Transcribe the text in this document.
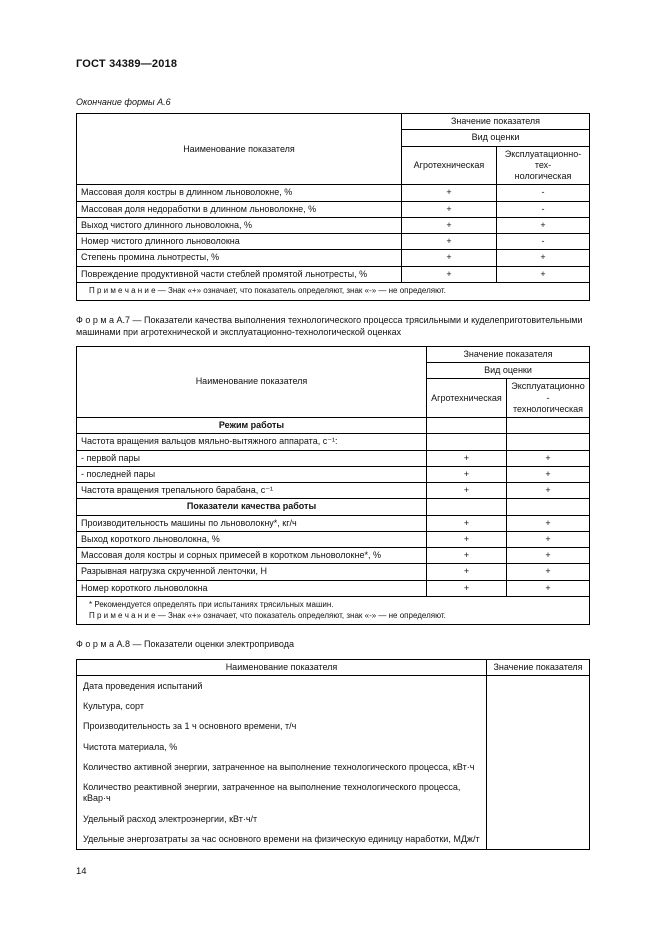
ГОСТ 34389—2018
Окончание формы А.6
Наименование показателя	Значение показателя	
	Вид оценки	
	Агротехническая	Эксплуатационно-тех-
нологическая
Массовая доля костры в длинном льноволокне, %	+	-
Массовая доля недоработки в длинном льноволокне, %	+	-
Выход чистого длинного льноволокна, %	+	+
Номер чистого длинного льноволокна	+	-
Степень промина льнотресты, %	+	+
Повреждение продуктивной части стеблей промятой льнотресты, %	+	+
П р и м е ч а н и е — Знак «+» означает, что показатель определяют, знак «-» — не определяют.		
Ф о р м а А.7 — Показатели качества выполнения технологического процесса трясильными и куделеприготовительными машинами при агротехнической и эксплуатационно-технологической оценках
Наименование показателя	Значение показателя	
	Вид оценки	
	Агротехническая	Эксплуатационно-
технологическая
Режим работы		
Частота вращения вальцов мяльно-вытяжного аппарата, с⁻¹:		
- первой пары	+	+
- последней пары	+	+
Частота вращения трепального барабана, с⁻¹	+	+
Показатели качества работы		
Производительность машины по льноволокну*, кг/ч	+	+
Выход короткого льноволокна, %	+	+
Массовая доля костры и сорных примесей в коротком льноволокне*, %	+	+
Разрывная нагрузка скрученной ленточки, Н	+	+
Номер короткого льноволокна	+	+

* Рекомендуется определять при испытаниях трясильных машин.
П р и м е ч а н и е — Знак «+» означает, что показатель определяют, знак «-» — не определяют.		
Ф о р м а А.8 — Показатели оценки электропривода
Наименование показателя	Значение показателя
Дата проведения испытаний	
Культура, сорт	
Производительность за 1 ч основного времени, т/ч	
Чистота материала, %	
Количество активной энергии, затраченное на выполнение технологического процесса, кВт·ч	
Количество реактивной энергии, затраченное на выполнение технологического процесса, кВар·ч	
Удельный расход электроэнергии, кВт·ч/т	
Удельные энергозатраты за час основного времени на физическую единицу наработки, МДж/т	
14
